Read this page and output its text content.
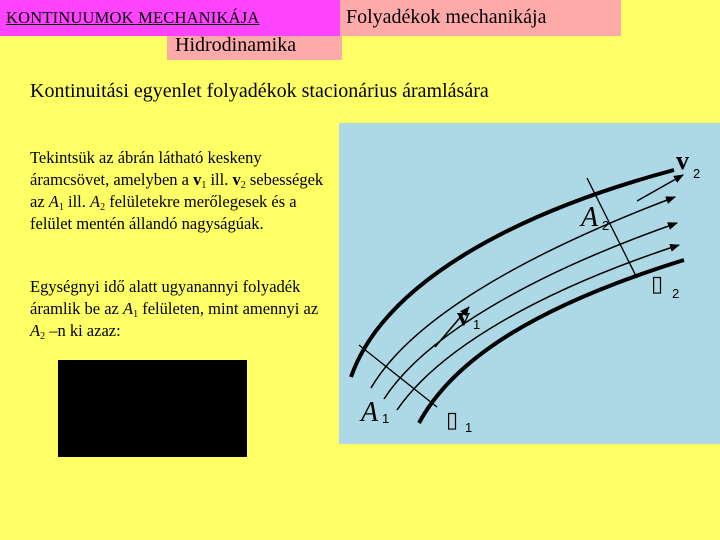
KONTINUUMOK MECHANIKÁJA	Folyadékok mechanikája
Hidrodinamika
Kontinuitási egyenlet folyadékok stacionárius áramlására
Tekintsük az ábrán látható keskeny áramcsövet, amelyben a $v_1$ ill. $v_2$ sebességek az $A_1$ ill. $A_2$ felületekre merőlegesek és a felület mentén állandó nagyságúak.
Egységnyi idő alatt ugyanannyi folyadék áramlik be az $A_1$ felületen, mint amennyi az $A_2$ –n ki azaz:	v 1
v 2
A 1
A 2
▯ 1
▯ 2
